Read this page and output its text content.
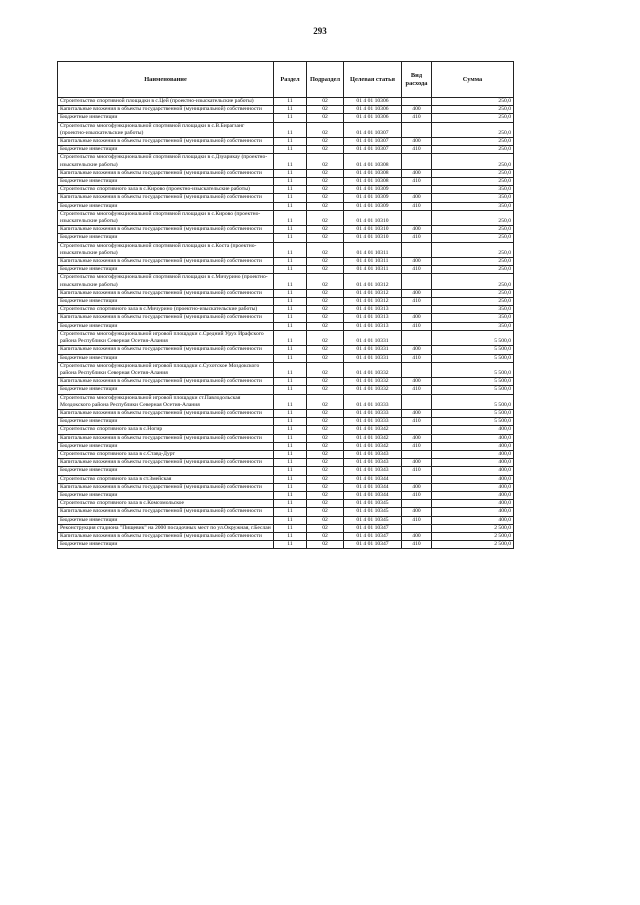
293
Наименование	Раздел	Подраздел	Целевая статья	Вид расхода	Сумма
Строительство спортивной площадки в с.Цей (проектно-изыскательские работы)	11	02	01 4 01 10306		250,0
Капитальные вложения в объекты государственной (муниципальной) собственности	11	02	01 4 01 10306	400	250,0
Бюджетные инвестиции	11	02	01 4 01 10306	410	250,0
Строительство многофункциональной спортивной площадки в с.В.Бирагзанг (проектно-изыскательские работы)	11	02	01 4 01 10307		250,0
Капитальные вложения в объекты государственной (муниципальной) собственности	11	02	01 4 01 10307	400	250,0
Бюджетные инвестиции	11	02	01 4 01 10307	410	250,0
Строительство многофункциональной спортивной площадки в с.Дзуарикау (проектно-изыскательские работы)	11	02	01 4 01 10308		250,0
Капитальные вложения в объекты государственной (муниципальной) собственности	11	02	01 4 01 10308	400	250,0
Бюджетные инвестиции	11	02	01 4 01 10308	410	250,0
Строительство спортивного зала в с.Кирово (проектно-изыскательские работы)	11	02	01 4 01 10309		350,0
Капитальные вложения в объекты государственной (муниципальной) собственности	11	02	01 4 01 10309	400	350,0
Бюджетные инвестиции	11	02	01 4 01 10309	410	350,0
Строительство многофункциональной спортивной площадки в с.Кирово (проектно-изыскательские работы)	11	02	01 4 01 10310		250,0
Капитальные вложения в объекты государственной (муниципальной) собственности	11	02	01 4 01 10310	400	250,0
Бюджетные инвестиции	11	02	01 4 01 10310	410	250,0
Строительство многофункциональной спортивной площадки в с.Коста (проектно-изыскательские работы)	11	02	01 4 01 10311		250,0
Капитальные вложения в объекты государственной (муниципальной) собственности	11	02	01 4 01 10311	400	250,0
Бюджетные инвестиции	11	02	01 4 01 10311	410	250,0
Строительство многофункциональной спортивной площадки в с.Мичурино (проектно-изыскательские работы)	11	02	01 4 01 10312		250,0
Капитальные вложения в объекты государственной (муниципальной) собственности	11	02	01 4 01 10312	400	250,0
Бюджетные инвестиции	11	02	01 4 01 10312	410	250,0
Строительство спортивного зала в с.Мичурино (проектно-изыскательские работы)	11	02	01 4 01 10313		350,0
Капитальные вложения в объекты государственной (муниципальной) собственности	11	02	01 4 01 10313	400	350,0
Бюджетные инвестиции	11	02	01 4 01 10313	410	350,0
Строительство многофункциональной игровой площадки с.Средний Урух Ирафского района Республики Северная Осетия-Алания	11	02	01 4 01 10331		5 500,0
Капитальные вложения в объекты государственной (муниципальной) собственности	11	02	01 4 01 10331	400	5 500,0
Бюджетные инвестиции	11	02	01 4 01 10331	410	5 500,0
Строительство многофункциональной игровой площадки с.Сухотское Моздокского района Республики Северная Осетия-Алания	11	02	01 4 01 10332		5 500,0
Капитальные вложения в объекты государственной (муниципальной) собственности	11	02	01 4 01 10332	400	5 500,0
Бюджетные инвестиции	11	02	01 4 01 10332	410	5 500,0
Строительство многофункциональной игровой площадки ст.Павлодольская Моздокского района Республики Северная Осетия-Алания	11	02	01 4 01 10333		5 500,0
Капитальные вложения в объекты государственной (муниципальной) собственности	11	02	01 4 01 10333	400	5 500,0
Бюджетные инвестиции	11	02	01 4 01 10333	410	5 500,0
Строительство спортивного зала в с.Ногир	11	02	01 4 01 10342		400,0
Капитальные вложения в объекты государственной (муниципальной) собственности	11	02	01 4 01 10342	400	400,0
Бюджетные инвестиции	11	02	01 4 01 10342	410	400,0
Строительство спортивного зала в с.Ставд-Дурт	11	02	01 4 01 10343		400,0
Капитальные вложения в объекты государственной (муниципальной) собственности	11	02	01 4 01 10343	400	400,0
Бюджетные инвестиции	11	02	01 4 01 10343	410	400,0
Строительство спортивного зала в ст.Змейская	11	02	01 4 01 10344		400,0
Капитальные вложения в объекты государственной (муниципальной) собственности	11	02	01 4 01 10344	400	400,0
Бюджетные инвестиции	11	02	01 4 01 10344	410	400,0
Строительство спортивного зала в с.Комсомольское	11	02	01 4 01 10345		400,0
Капитальные вложения в объекты государственной (муниципальной) собственности	11	02	01 4 01 10345	400	400,0
Бюджетные инвестиции	11	02	01 4 01 10345	410	400,0
Реконструкция стадиона "Пищевик" на 2000 посадочных мест по ул.Окружная, г.Беслан	11	02	01 4 01 10347		2 500,0
Капитальные вложения в объекты государственной (муниципальной) собственности	11	02	01 4 01 10347	400	2 500,0
Бюджетные инвестиции	11	02	01 4 01 10347	410	2 500,0
